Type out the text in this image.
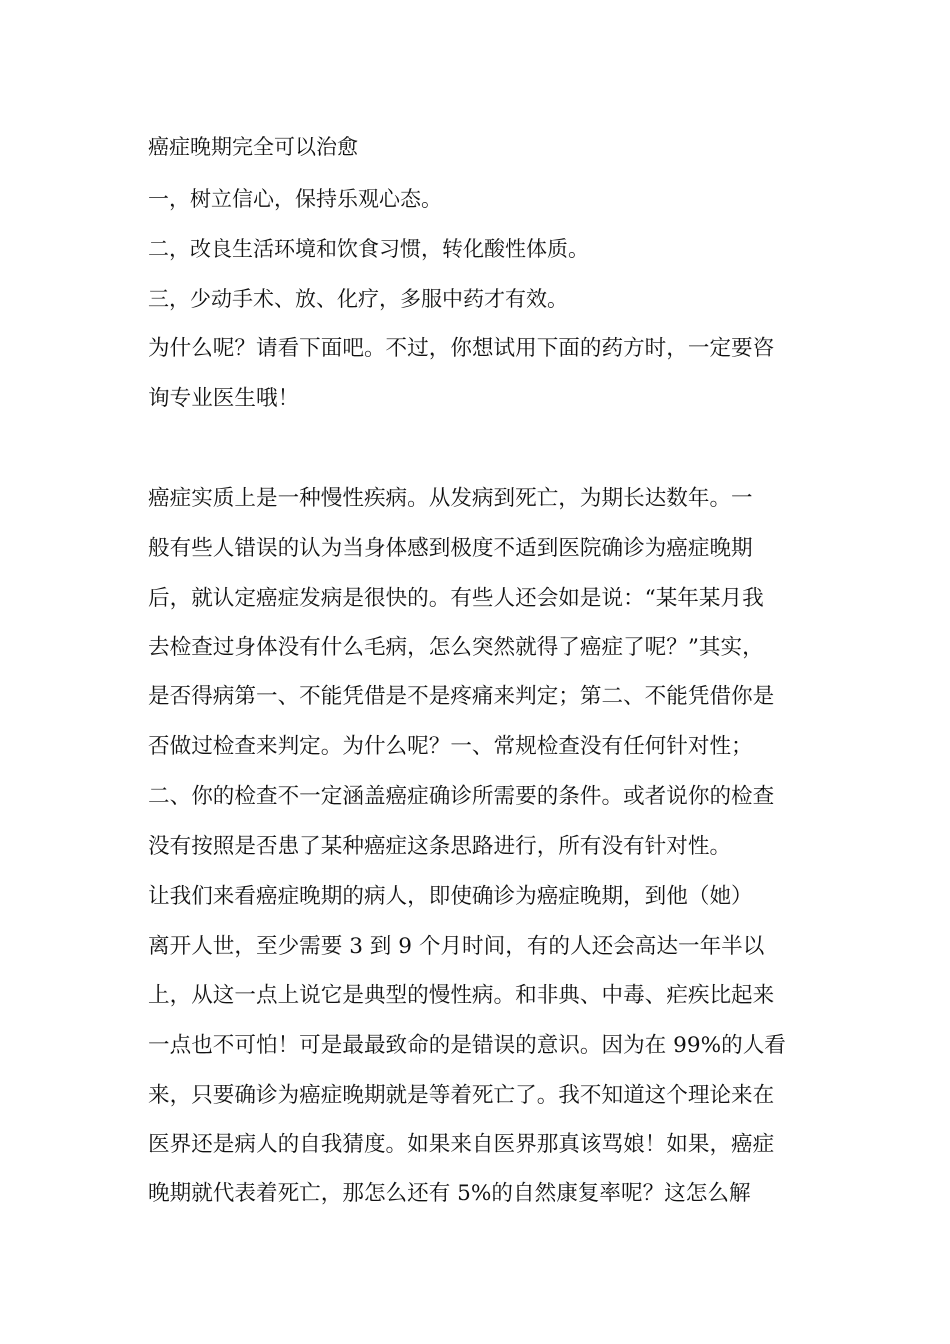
癌症晚期完全可以治愈
一，树立信心，保持乐观心态。
二，改良生活环境和饮食习惯，转化酸性体质。
三，少动手术、放、化疗，多服中药才有效。
为什么呢？请看下面吧。不过，你想试用下面的药方时，一定要咨
询专业医生哦！
癌症实质上是一种慢性疾病。从发病到死亡，为期长达数年。一
般有些人错误的认为当身体感到极度不适到医院确诊为癌症晚期
后，就认定癌症发病是很快的。有些人还会如是说：“某年某月我
去检查过身体没有什么毛病，怎么突然就得了癌症了呢？”其实，
是否得病第一、不能凭借是不是疼痛来判定；第二、不能凭借你是
否做过检查来判定。为什么呢？一、常规检查没有任何针对性；
二、你的检查不一定涵盖癌症确诊所需要的条件。或者说你的检查
没有按照是否患了某种癌症这条思路进行，所有没有针对性。
让我们来看癌症晚期的病人，即使确诊为癌症晚期，到他（她）
离开人世，至少需要 3 到 9 个月时间，有的人还会高达一年半以
上，从这一点上说它是典型的慢性病。和非典、中毒、疟疾比起来
一点也不可怕！可是最最致命的是错误的意识。因为在 99%的人看
来，只要确诊为癌症晚期就是等着死亡了。我不知道这个理论来在
医界还是病人的自我猜度。如果来自医界那真该骂娘！如果，癌症
晚期就代表着死亡，那怎么还有 5%的自然康复率呢？这怎么解
